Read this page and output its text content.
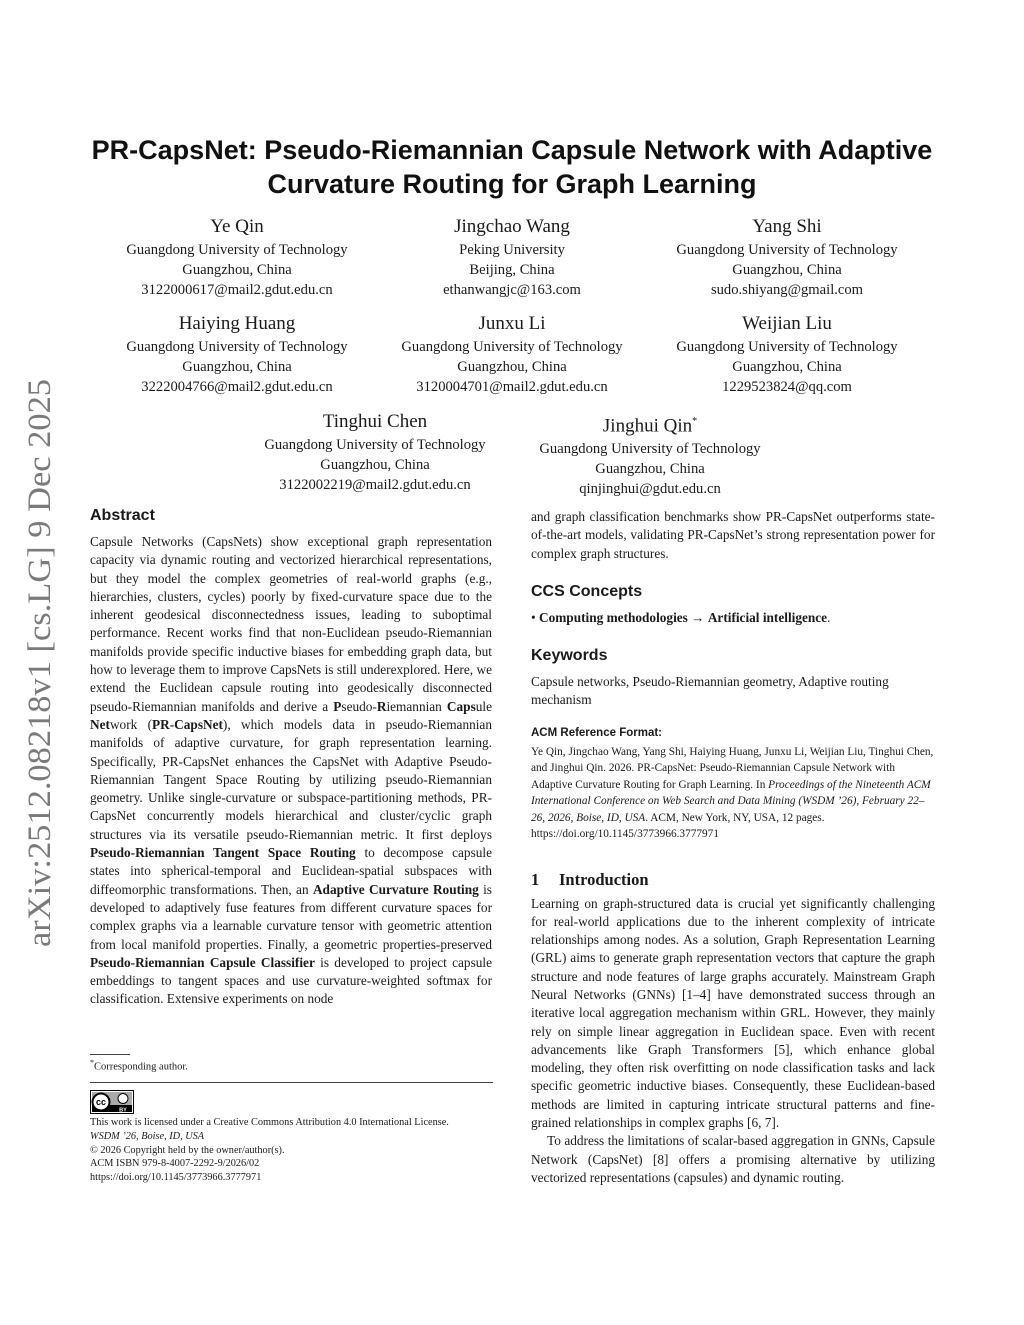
arXiv:2512.08218v1 [cs.LG] 9 Dec 2025
PR-CapsNet: Pseudo-Riemannian Capsule Network with Adaptive
Curvature Routing for Graph Learning
Ye Qin
Guangdong University of Technology
Guangzhou, China
3122000617@mail2.gdut.edu.cn
Jingchao Wang
Peking University
Beijing, China
ethanwangjc@163.com
Yang Shi
Guangdong University of Technology
Guangzhou, China
sudo.shiyang@gmail.com
Haiying Huang
Guangdong University of Technology
Guangzhou, China
3222004766@mail2.gdut.edu.cn
Junxu Li
Guangdong University of Technology
Guangzhou, China
3120004701@mail2.gdut.edu.cn
Weijian Liu
Guangdong University of Technology
Guangzhou, China
1229523824@qq.com
Tinghui Chen
Guangdong University of Technology
Guangzhou, China
3122002219@mail2.gdut.edu.cn
Jinghui Qin*
Guangdong University of Technology
Guangzhou, China
qinjinghui@gdut.edu.cn
Abstract

Capsule Networks (CapsNets) show exceptional graph representation capacity via dynamic routing and vectorized hierarchical representations, but they model the complex geometries of real-world graphs (e.g., hierarchies, clusters, cycles) poorly by fixed-curvature space due to the inherent geodesical disconnectedness issues, leading to suboptimal performance. Recent works find that non-Euclidean pseudo-Riemannian manifolds provide specific inductive biases for embedding graph data, but how to leverage them to improve CapsNets is still underexplored. Here, we extend the Euclidean capsule routing into geodesically disconnected pseudo-Riemannian manifolds and derive a Pseudo-Riemannian Capsule Network (PR-CapsNet), which models data in pseudo-Riemannian manifolds of adaptive curvature, for graph representation learning. Specifically, PR-CapsNet enhances the CapsNet with Adaptive Pseudo-Riemannian Tangent Space Routing by utilizing pseudo-Riemannian geometry. Unlike single-curvature or subspace-partitioning methods, PR-CapsNet concurrently models hierarchical and cluster/cyclic graph structures via its versatile pseudo-Riemannian metric. It first deploys Pseudo-Riemannian Tangent Space Routing to decompose capsule states into spherical-temporal and Euclidean-spatial subspaces with diffeomorphic transformations. Then, an Adaptive Curvature Routing is developed to adaptively fuse features from different curvature spaces for complex graphs via a learnable curvature tensor with geometric attention from local manifold properties. Finally, a geometric properties-preserved Pseudo-Riemannian Capsule Classifier is developed to project capsule embeddings to tangent spaces and use curvature-weighted softmax for classification. Extensive experiments on node

*Corresponding author.
cc
BY
This work is licensed under a Creative Commons Attribution 4.0 International License.
WSDM ’26, Boise, ID, USA
© 2026 Copyright held by the owner/author(s).
ACM ISBN 979-8-4007-2292-9/2026/02
https://doi.org/10.1145/3773966.3777971

and graph classification benchmarks show PR-CapsNet outperforms state-of-the-art models, validating PR-CapsNet’s strong representation power for complex graph structures.

CCS Concepts

• Computing methodologies → Artificial intelligence.

Keywords

Capsule networks, Pseudo-Riemannian geometry, Adaptive routing mechanism

ACM Reference Format:

Ye Qin, Jingchao Wang, Yang Shi, Haiying Huang, Junxu Li, Weijian Liu, Tinghui Chen, and Jinghui Qin. 2026. PR-CapsNet: Pseudo-Riemannian Capsule Network with Adaptive Curvature Routing for Graph Learning. In Proceedings of the Nineteenth ACM International Conference on Web Search and Data Mining (WSDM ’26), February 22–26, 2026, Boise, ID, USA. ACM, New York, NY, USA, 12 pages. https://doi.org/10.1145/3773966.3777971

1 Introduction

Learning on graph-structured data is crucial yet significantly challenging for real-world applications due to the inherent complexity of intricate relationships among nodes. As a solution, Graph Representation Learning (GRL) aims to generate graph representation vectors that capture the graph structure and node features of large graphs accurately. Mainstream Graph Neural Networks (GNNs) [1–4] have demonstrated success through an iterative local aggregation mechanism within GRL. However, they mainly rely on simple linear aggregation in Euclidean space. Even with recent advancements like Graph Transformers [5], which enhance global modeling, they often risk overfitting on node classification tasks and lack specific geometric inductive biases. Consequently, these Euclidean-based methods are limited in capturing intricate structural patterns and fine-grained relationships in complex graphs [6, 7].

To address the limitations of scalar-based aggregation in GNNs, Capsule Network (CapsNet) [8] offers a promising alternative by utilizing vectorized representations (capsules) and dynamic routing.
